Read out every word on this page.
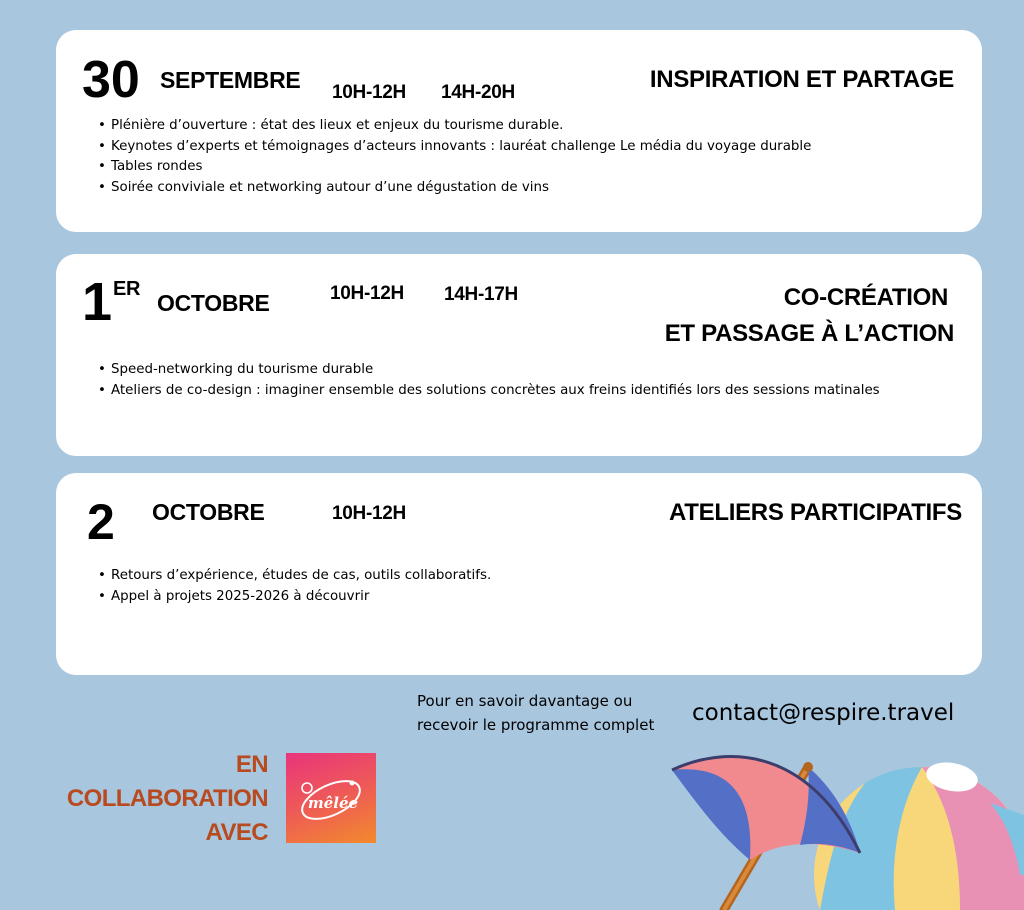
30 SEPTEMBRE 10H-12H 14H-20H	INSPIRATION ET PARTAGE
• Plénière d’ouverture : état des lieux et enjeux du tourisme durable.
• Keynotes d’experts et témoignages d’acteurs innovants : lauréat challenge Le média du voyage durable
• Tables rondes
• Soirée conviviale et networking autour d’une dégustation de vins
1 ER
OCTOBRE	10H-12H 14H-17H	CO-CRÉATION
ET PASSAGE À L’ACTION
• Speed-networking du tourisme durable
• Ateliers de co-design : imaginer ensemble des solutions concrètes aux freins identifiés lors des sessions matinales
2 OCTOBRE	10H-12H	ATELIERS PARTICIPATIFS
• Retours d’expérience, études de cas, outils collaboratifs.
• Appel à projets 2025-2026 à découvrir
Pour en savoir davantage ou
recevoir le programme complet contact@respire.travel
EN
COLLABORATION
AVEC
mêlée
